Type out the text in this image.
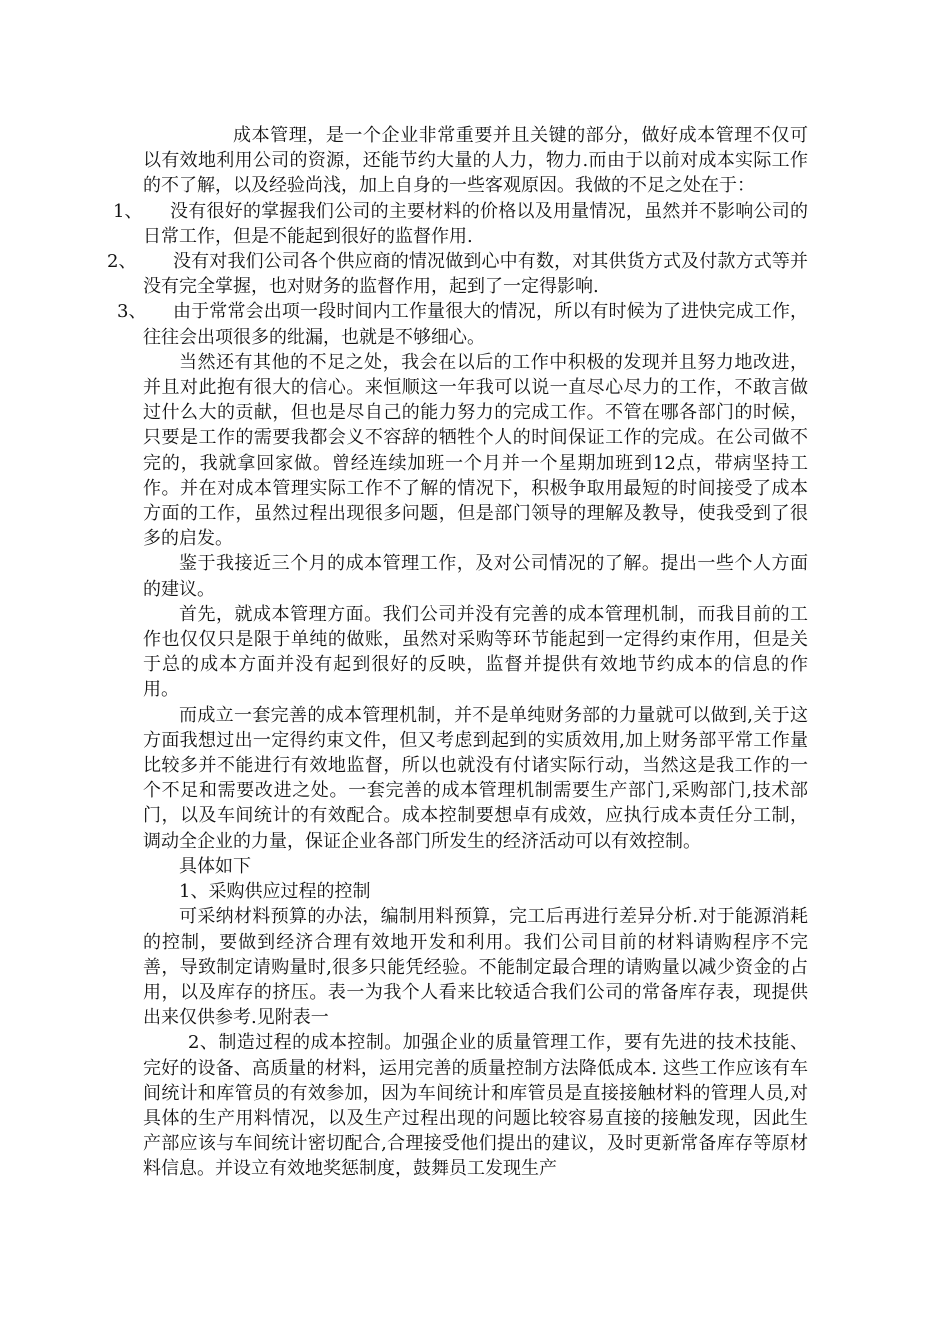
成本管理，是一个企业非常重要并且关键的部分，做好成本管理不仅可以有效地利用公司的资源，还能节约大量的人力，物力.而由于以前对成本实际工作的不了解，以及经验尚浅，加上自身的一些客观原因。我做的不足之处在于：

1、	没有很好的掌握我们公司的主要材料的价格以及用量情况，虽然并不影响公司的日常工作，但是不能起到很好的监督作用.

2、	没有对我们公司各个供应商的情况做到心中有数，对其供货方式及付款方式等并没有完全掌握，也对财务的监督作用，起到了一定得影响.

3、	由于常常会出项一段时间内工作量很大的情况，所以有时候为了进快完成工作，往往会出项很多的纰漏，也就是不够细心。

当然还有其他的不足之处，我会在以后的工作中积极的发现并且努力地改进，并且对此抱有很大的信心。来恒顺这一年我可以说一直尽心尽力的工作，不敢言做过什么大的贡献，但也是尽自己的能力努力的完成工作。不管在哪各部门的时候，只要是工作的需要我都会义不容辞的牺牲个人的时间保证工作的完成。在公司做不完的，我就拿回家做。曾经连续加班一个月并一个星期加班到12点，带病坚持工作。并在对成本管理实际工作不了解的情况下，积极争取用最短的时间接受了成本方面的工作，虽然过程出现很多问题，但是部门领导的理解及教导，使我受到了很多的启发。

鉴于我接近三个月的成本管理工作，及对公司情况的了解。提出一些个人方面的建议。

首先，就成本管理方面。我们公司并没有完善的成本管理机制，而我目前的工作也仅仅只是限于单纯的做账，虽然对采购等环节能起到一定得约束作用，但是关于总的成本方面并没有起到很好的反映，监督并提供有效地节约成本的信息的作用。

而成立一套完善的成本管理机制，并不是单纯财务部的力量就可以做到,关于这方面我想过出一定得约束文件，但又考虑到起到的实质效用,加上财务部平常工作量比较多并不能进行有效地监督，所以也就没有付诸实际行动，当然这是我工作的一个不足和需要改进之处。一套完善的成本管理机制需要生产部门,采购部门,技术部门，以及车间统计的有效配合。成本控制要想卓有成效，应执行成本责任分工制，调动全企业的力量，保证企业各部门所发生的经济活动可以有效控制。

具体如下

1、采购供应过程的控制

可采纳材料预算的办法，编制用料预算，完工后再进行差异分析.对于能源消耗的控制，要做到经济合理有效地开发和利用。我们公司目前的材料请购程序不完善，导致制定请购量时,很多只能凭经验。不能制定最合理的请购量以减少资金的占用，以及库存的挤压。表一为我个人看来比较适合我们公司的常备库存表，现提供出来仅供参考.见附表一

2、制造过程的成本控制。加强企业的质量管理工作，要有先进的技术技能、完好的设备、高质量的材料，运用完善的质量控制方法降低成本. 这些工作应该有车间统计和库管员的有效参加，因为车间统计和库管员是直接接触材料的管理人员,对具体的生产用料情况，以及生产过程出现的问题比较容易直接的接触发现，因此生产部应该与车间统计密切配合,合理接受他们提出的建议，及时更新常备库存等原材料信息。并设立有效地奖惩制度，鼓舞员工发现生产
